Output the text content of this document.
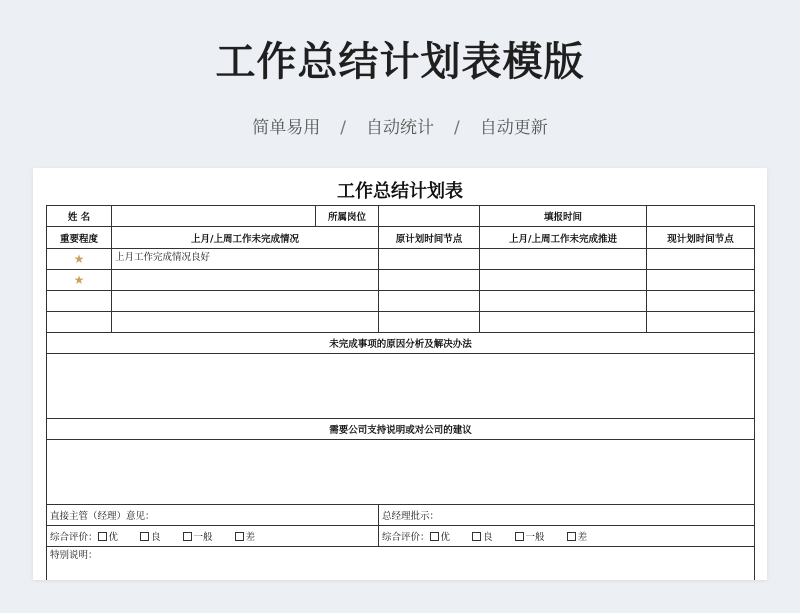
工作总结计划表模版
简单易用 / 自动统计 / 自动更新
工作总结计划表
姓 名		所属岗位		填报时间	
重要程度	上月/上周工作未完成情况		原计划时间节点	上月/上周工作未完成推进	现计划时间节点
★	上月工作完成情况良好				
★					

未完成事项的原因分析及解决办法					

需要公司支持说明或对公司的建议					

直接主管（经理）意见：			总经理批示：		
综合评价： 优 良 一般 差			综合评价： 优 良 一般 差		
特别说明：					
